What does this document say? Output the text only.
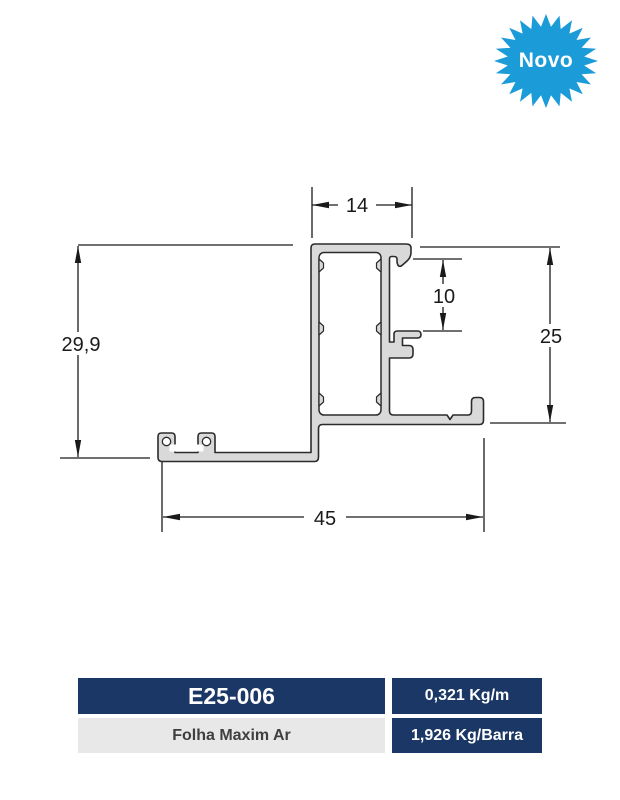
14
29,9	25
10
45
Novo
E25-006
Folha Maxim Ar
0,321 Kg/m
1,926 Kg/Barra
